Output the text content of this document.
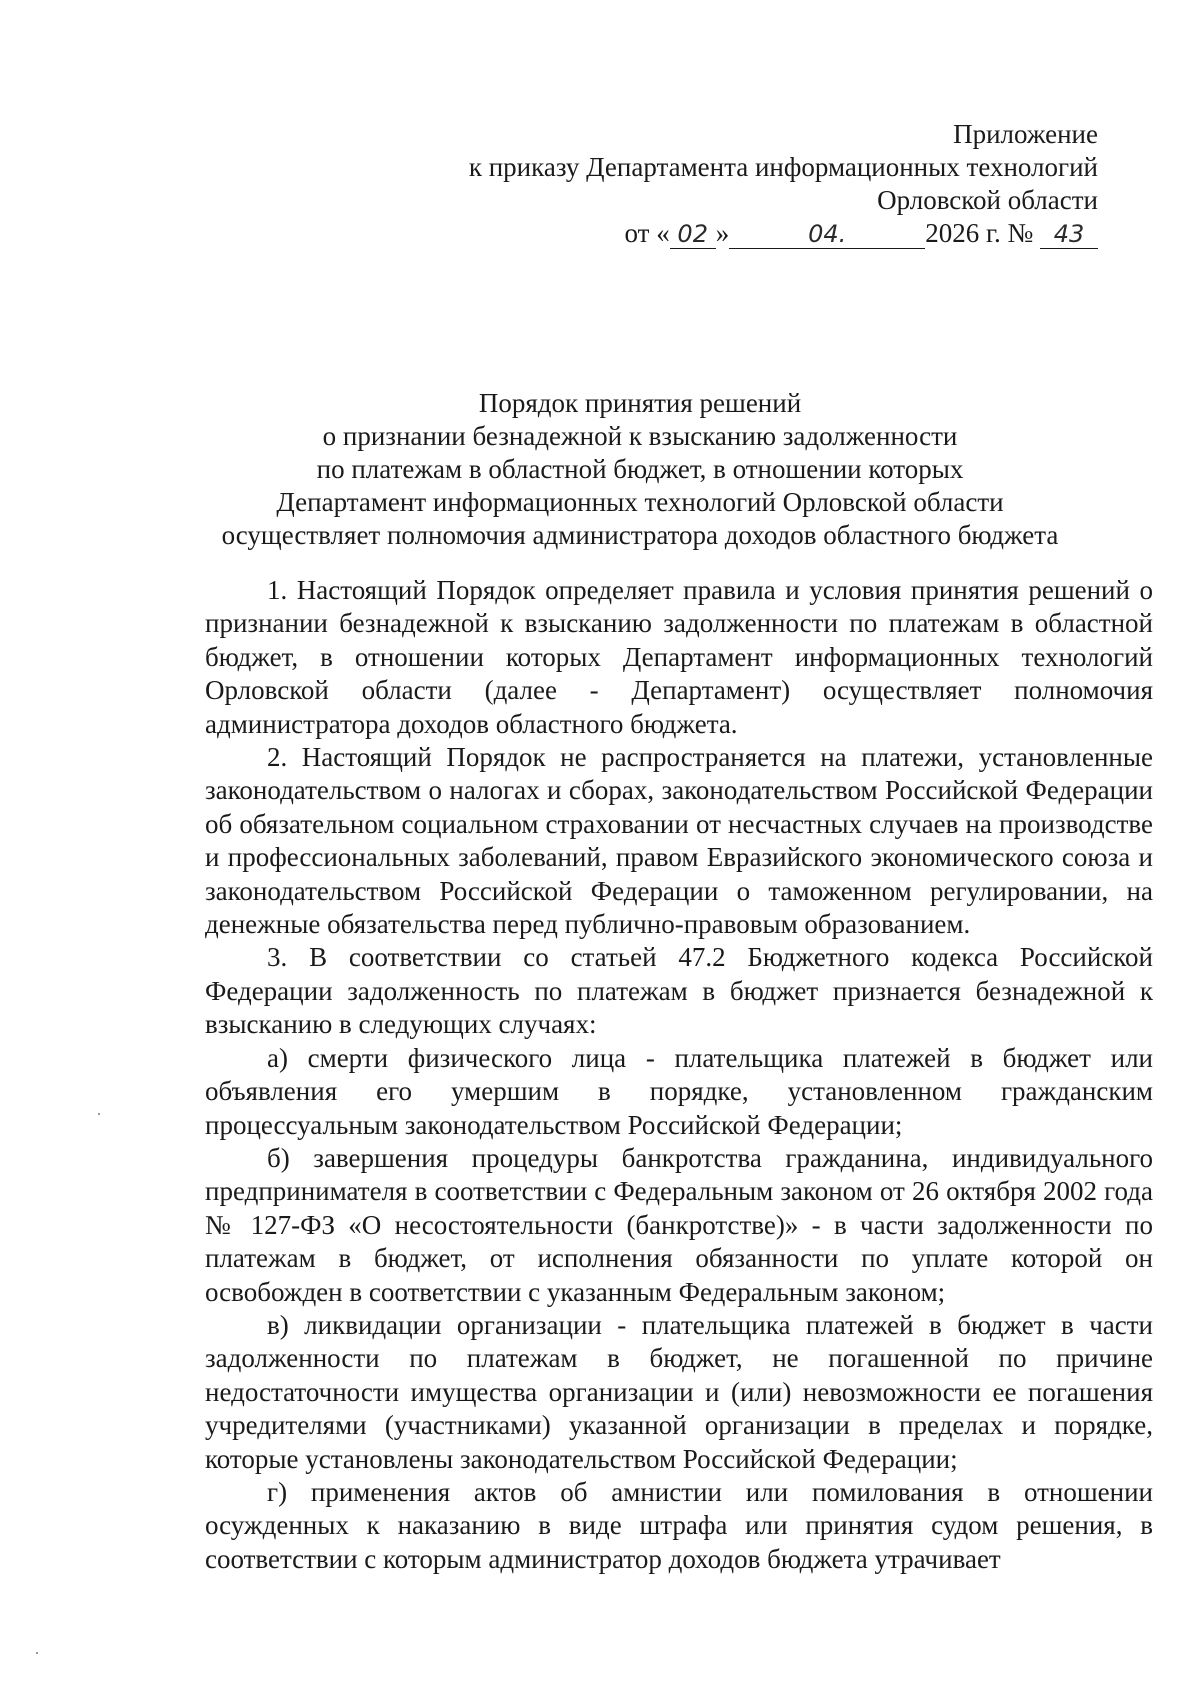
Приложение
к приказу Департамента информационных технологий
Орловской области
от « 02 »	04.	2026 г. № 43
Порядок принятия решений
о признании безнадежной к взысканию задолженности
по платежам в областной бюджет, в отношении которых
Департамент информационных технологий Орловской области
осуществляет полномочия администратора доходов областного бюджета

1. Настоящий Порядок определяет правила и условия принятия решений о признании безнадежной к взысканию задолженности по платежам в областной бюджет, в отношении которых Департамент информационных технологий Орловской области (далее - Департамент) осуществляет полномочия администратора доходов областного бюджета.

2. Настоящий Порядок не распространяется на платежи, установленные законодательством о налогах и сборах, законодательством Российской Федерации об обязательном социальном страховании от несчастных случаев на производстве и профессиональных заболеваний, правом Евразийского экономического союза и законодательством Российской Федерации о таможенном регулировании, на денежные обязательства перед публично-правовым образованием.

3. В соответствии со статьей 47.2 Бюджетного кодекса Российской Федерации задолженность по платежам в бюджет признается безнадежной к взысканию в следующих случаях:

а) смерти физического лица - плательщика платежей в бюджет или объявления его умершим в порядке, установленном гражданским процессуальным законодательством Российской Федерации;

б) завершения процедуры банкротства гражданина, индивидуального предпринимателя в соответствии с Федеральным законом от 26 октября 2002 года № 127-ФЗ «О несостоятельности (банкротстве)» - в части задолженности по платежам в бюджет, от исполнения обязанности по уплате которой он освобожден в соответствии с указанным Федеральным законом;

в) ликвидации организации - плательщика платежей в бюджет в части задолженности по платежам в бюджет, не погашенной по причине недостаточности имущества организации и (или) невозможности ее погашения учредителями (участниками) указанной организации в пределах и порядке, которые установлены законодательством Российской Федерации;

г) применения актов об амнистии или помилования в отношении осужденных к наказанию в виде штрафа или принятия судом решения, в соответствии с которым администратор доходов бюджета утрачивает
